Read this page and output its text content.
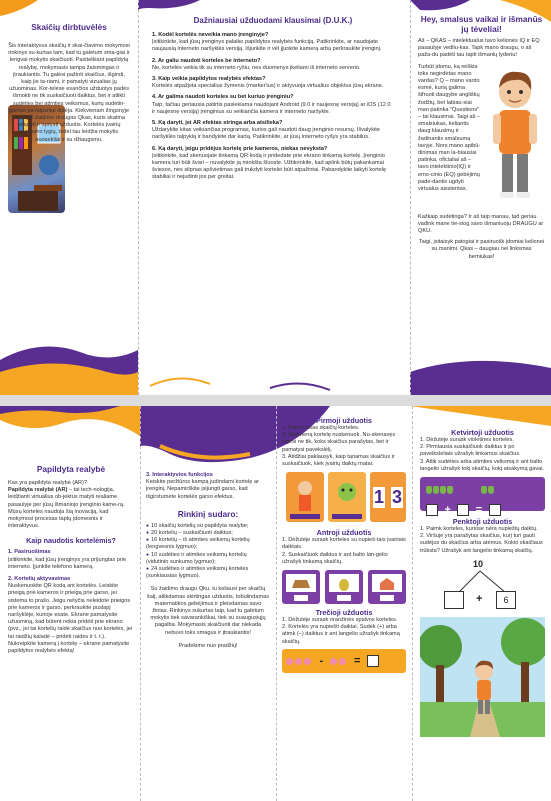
Skaičių dirbtuvėlės

Šis interaktyvus skaičių ir skai-čiavimo mokymosi rinkinys su-kurtas tam, kad tu galėtum sma-giai ir lengvai mokytis skaičiuoti. Pasitelkiant papildytą realybę, mokymasis tampa žaismingas ir įtraukiantis. Tu galėsi pažinti skaičius, išgirsti, kaip jie ta-riami, ir pamatyti vizualias jų užuominas. Kor-telėse esančios užduotys padės išmokti ne tik suskaičiuoti daiktus, bet ir atlikti sudėties bei atimties veiksmus, kurių sudėtin-gumas pa-laipsniui didėja. Kiekvienam žingsnyje tave lydi žaidimo draugas Qkas, kuris skatina tobulėti ir spręsti užduotis. Kortelės įvairių sunkumo lygių, todėl tau leidžia mokytis nuosekliai ir su džiaugsmu.

Dažniausiai užduodami klausimai (D.U.K.)

1. Kodėl kortelės neveikia mano įrenginyje?

Įsitikinkite, kad jūsų įrenginys palaiko papildytos realybės funkciją. Patikrinkite, ar naudojate naujausią interneto naršyklės versiją. Išjunkite ir vėl įjunkite kamerą arba perkraukite įrenginį.

2. Ar galiu naudoti korteles be interneto?

Ne, kortelės veikia tik su interneto ryšiu, nes duomenys įkeliami iš interneto serverio.

3. Kaip veikia papildytos realybės efektas?

Kortelės atpažįsta specialius žymenis (marker'ius) ir aktyvuoja virtualius objektus jūsų ekrane.

4. Ar galima naudoti korteles su bet kuriuo įrenginiu?

Taip, tačiau geriausia patirtis pasiekiama naudojant Android (9.0 ir naujesnę versiją) ar iOS (12.0 ir naujesnę versiją) įrenginius su veikiančia kamera ir interneto naršykle.

5. Ką daryti, jei AR efektas stringa arba atsilieka?

Uždarykite kitas veikiančias programas, kurios gali naudoti daug įrenginio resursų. Išvalykite naršyklės talpyklą ir bandykite dar kartą. Patikrinkite, ar jūsų interneto ryšys yra stabilus.

6. Ką daryti, jeigu pridėjus kortelę prie kameros, niekas nevyksta?

Įsitikinkite, kad skenuojate tinkamą QR kodą ir pridedate prie ekrano tinkamą kortelę. Įrenginio kamera turi būti švari – nuvalykite ją minkšta šluoste. Užtikrinkite, kad aplink būtų pakankamai šviesos, nes silpnas apšvietimas gali trukdyti kortelei būti atpažintai. Pabandykite laikyti kortelę stabiliai ir nejudinti jos per greitai.

Hey, smalsus vaikai ir išmanūs jų tėveliai!

Aš – QKAS – intelektualus tavo kelionės IQ ir EQ pasaulyje vedliu-kas. Tapk mano draugu, o aš paža-du padėti tau tapti išmanių lyderiu!

Turbūt įdomu, ką reiškia toks negirdėtas mano vardas? Q – mano vardo esmė, kurią galima šifruoti daugybe angliškų žodžių, bet labiau-siai man patinka "Questions" – tai klausimai. Taigi aš – smalsiukas, keliantis daug klausimų ir žadinantis smalsumą tavyje. Nors mano apibū-dinimas man la-biausiai patinka, oficialiai aš – tavo intelektinio(IQ) ir emo-cinio (EQ) gebėjimų pade-dantis ugdyti virtualus asistentas.

Kažkaip sudėtinga? Ir aš taip manau, tad geriau vadink mane tie-siog savo išmaniuoju DRAUGU ar QKU.

Taigi, įsitaisyk patogiai ir pasiruošk įdomiai kelionei su manimi. Qkas – daugiau nei linksmas berniukas!

Papildyta realybė

Kas yra papildyta realybė (AR)?

Papildyta realybė (AR) – tai tech-nologija, leidžianti virtualius ob-jektus matyti realiame pasaulyje per jūsų išmaniojo įrenginio kame-rą. Mūsų kortelės naudoja šią inovaciją, kad mokymosi procesas taptų įdomesnis ir interaktyvus.

Kaip naudotis kortelėmis?

1. Pasiruošimas

Įsitikinkite, kad jūsų įrenginys yra prijungtas prie interneto. Įjunkite telefono kamerą.

2. Kortelių aktyvavimas

Nuskenuokite QR kodą ant kortelės. Leiskite prieigą prie kameros ir prieigą prie garso, jei sistema to prašo. Jeigu netyčia neleidote prieigos prie kameros ir garso, perkraukite puslapį naršyklėje, kurioje esate. Ekrane pamatysite užuominą, kad būtent reikia pridėti prie ekrano (pvz., jei tai kortelių raidė skaičius nuo kortelės, jei tai raidžių kaladė – pridėti raides ir t. t.). Nukreipkite kamerą į kortelę – ekrane pamatysite papildytos realybės efektą!

3. Interaktyvios funkcijos

Keiskite peržiūros kampą judindami kortelę ar įrenginį. Nepamirškite įsijungti garso, kad išgirstumėte kortelės garso efektus.

Rinkinį sudaro:
● 10 skaičių kortelių su papildyta realybe;
● 20 kortelių – suskaičiuoti daiktus;
● 16 kortelių – iš atimties veiksmų kortelių (lengvesnis lygmuo);
● 10 sudėties ir atimties veiksmų kortelių (vidutinio sunkumo lygmuo);
● 24 sudėties ir atimties veiksmų kortelės (sunkiausias lygmuo).

Su žaidimo draugu Qku, tu keliausi per skaičių šalį, atlikdamas skirtingas užduotis, tobulindamas matematikos gebėjimus ir pleisdamas savo žinias. Rinkinys sukurtas taip, kad tu galėtum mokytis tiek savarankiškai, tiek su suaugusiųjų pagalba. Mokymasis skaičiuoti dar niekada nebuvo toks smagus ir įtraukiantis!

Pradėkime nuo pradžių!

Pirmoji užduotis

1. Paimk visas skaičių korteles.

2. Kiekvieną kortelę nuskenuok. Nu-skenavęs išgirsi ne tik, koks skaičius parašytas, bet ir pamatysi pavekslėlį.

3. Atidžiai paklausyk, kaip tariamas skaičius ir suskaičiuok, kiek įvairių daiktų matai.

1 3
Antroji užduotis

1. Dėžutėje surask korteles su nupieš-tais įvairiais daiktais.

2. Suskaičiuok daiktus ir ant balto lan-gelio užrašyk tinkamą skaičių.

Trečioji užduotis

1. Dėžutėje surask oranžinės spalvos korteles.

2. Kortelės yra nupiešti daiktai. Sudėk (+) arba atimk (–) daiktus ir ant langelio užrašyk tinkamą skaičių.

-	=
Ketvirtoji užduotis

1. Dėžutėje surask violetines korteles.

2. Pirmiausia suskaičiuok daiktus ir po paveikslėliais užrašyk tinkamus skaičius.

3. Atlik sudėties arba atimties veiksmą ir ant balto langelio užrašyk tokį skaičių, kokį atsakymą gavai.

+ =
Penktoji užduotis

1. Paimk korteles, kuriose nėra nupieštų daiktų.

2. Viršuje yra parašytas skaičius, kurį turi gauti sudėjus du skaičius arba atėmus. Kokio skaičiaus trūksta? Užrašyk ant langelio tinkamą skaičių.

10
+	6
